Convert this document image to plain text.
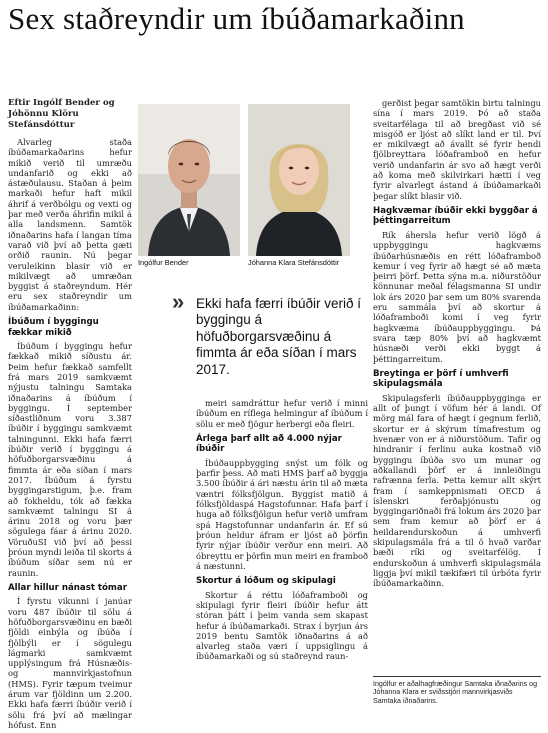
Sex staðreyndir um íbúðamarkaðinn
Eftir Ingólf Bender og Jóhönnu Klöru Stefánsdóttur

Alvarleg staða íbúðamarkaðarins hefur mikið verið til umræðu undanfarið og ekki að ástæðulausu. Staðan á þeim markaði hefur haft mikil áhrif á verðbólgu og vexti og þar með verða áhrifin mikil á alla landsmenn. Samtök iðnaðarins hafa í langan tíma varað við því að þetta gæti orðið raunin. Nú þegar veruleikinn blasir við er mikilvægt að umræðan byggist á staðreyndum. Hér eru sex staðreyndir um íbúðamarkaðinn:

Íbúðum í byggingu fækkar mikið

Íbúðum í byggingu hefur fækkað mikið síðustu ár. Þeim hefur fækkað samfellt frá mars 2019 samkvæmt nýjustu talningu Samtaka iðnaðarins á íbúðum í byggingu. Í september síðastliðnum voru 3.387 íbúðir í byggingu samkvæmt talningunni. Ekki hafa færri íbúðir verið í byggingu á höfuðborgarsvæðinu á fimmta ár eða síðan í mars 2017. Íbúðum á fyrstu byggingarstigum, þ.e. fram að fokheldu, tók að fækka samkvæmt talningu SI á árinu 2018 og voru þær sögulega fáar á árinu 2020. VöruðuSI við því að þessi þróun myndi leiða til skorts á íbúðum síðar sem nú er raunin.

Allar hillur nánast tómar

Í fyrstu vikunni í janúar voru 487 íbúðir til sölu á höfuðborgarsvæðinu en bæði fjöldi einbýla og íbúða í fjölbýli er í sögulegu lágmarki samkvæmt upplýsingum frá Húsnæðis- og mannvirkjastofnun (HMS). Fyrir tæpum tveimur árum var fjöldinn um 2.200. Ekki hafa færri íbúðir verið í sölu frá því að mælingar hófust. Enn

Ingólfur Bender	Jóhanna Klara Stefánsdóttir
» Ekki hafa færri íbúðir verið í byggingu á höfuðborgarsvæðinu á fimmta ár eða síðan í mars 2017.

meiri samdráttur hefur verið í minni íbúðum en ríflega helmingur af íbúðum í sölu er með fjögur herbergi eða fleiri.

Árlega þarf allt að 4.000 nýjar íbúðir

Íbúðauppbygging snýst um fólk og þarfir þess. Að mati HMS þarf að byggja 3.500 íbúðir á ári næstu árin til að mæta væntri fólksfjölgun. Byggist matið á fólksfjöldaspá Hagstofunnar. Hafa þarf í huga að fólksfjölgun hefur verið umfram spá Hagstofunnar undanfarin ár. Ef sú þróun heldur áfram er ljóst að þörfin fyrir nýjar íbúðir verður enn meiri. Að óbreyttu er þörfin mun meiri en framboð á næstunni.

Skortur á lóðum og skipulagi

Skortur á réttu lóðaframboði og skipulagi fyrir fleiri íbúðir hefur átt stóran þátt í þeim vanda sem skapast hefur á íbúðamarkaði. Strax í byrjun árs 2019 bentu Samtök iðnaðarins á að alvarleg staða væri í uppsiglingu á íbúðamarkaði og sú staðreynd raun-

gerðist þegar samtökin birtu talningu sína í mars 2019. Þó að staða sveitarfélaga til að bregðast við sé misgóð er ljóst að slíkt land er til. Því er mikilvægt að ávallt sé fyrir hendi fjölbreyttara lóðaframboð en hefur verið undanfarin ár svo að hægt verði að koma með skilvirkari hætti í veg fyrir alvarlegt ástand á íbúðamarkaði þegar slíkt blasir við.

Hagkvæmar íbúðir ekki byggðar á þéttingarreitum

Rík áhersla hefur verið lögð á uppbyggingu hagkvæms íbúðarhúsnæðis en rétt lóðaframboð kemur í veg fyrir að hægt sé að mæta þeirri þörf. Þetta sýna m.a. niðurstöður könnunar meðal félagsmanna SI undir lok árs 2020 þar sem um 80% svarenda eru sammála því að skortur á lóðaframboði komi í veg fyrir hagkvæma íbúðauppbyggingu. Þá svara tæp 80% því að hagkvæmt húsnæði verði ekki byggt á þéttingarreitum.

Breytinga er þörf í umhverfi skipulagsmála

Skipulagsferli íbúðauppbygginga er allt of þungt í vöfum hér á landi. Of mörg mál fara of hægt í gegnum ferlið, skortur er á skýrum tímafrestum og hvenær von er á niðurstöðum. Tafir og hindranir í ferlinu auka kostnað við byggingu íbúða svo um munar og aðkallandi þörf er á innleiðingu rafrænna ferla. Þetta kemur allt skýrt fram í samkeppnismati OECD á íslenskri ferðaþjónustu og byggingariðnaði frá lokum árs 2020 þar sem fram kemur að þörf er á heildarendurskoðun á umhverfi skipulagsmála frá a til ö hvað varðar bæði ríki og sveitarfélög. Í endurskoðun á umhverfi skipulagsmála liggja því mikil tækifæri til úrbóta fyrir íbúðamarkaðinn.

Ingólfur er aðalhagfræðingur Samtaka iðnaðarins og Jóhanna Klara er sviðsstjóri mannvirkjasviðs Samtaka iðnaðarins.
